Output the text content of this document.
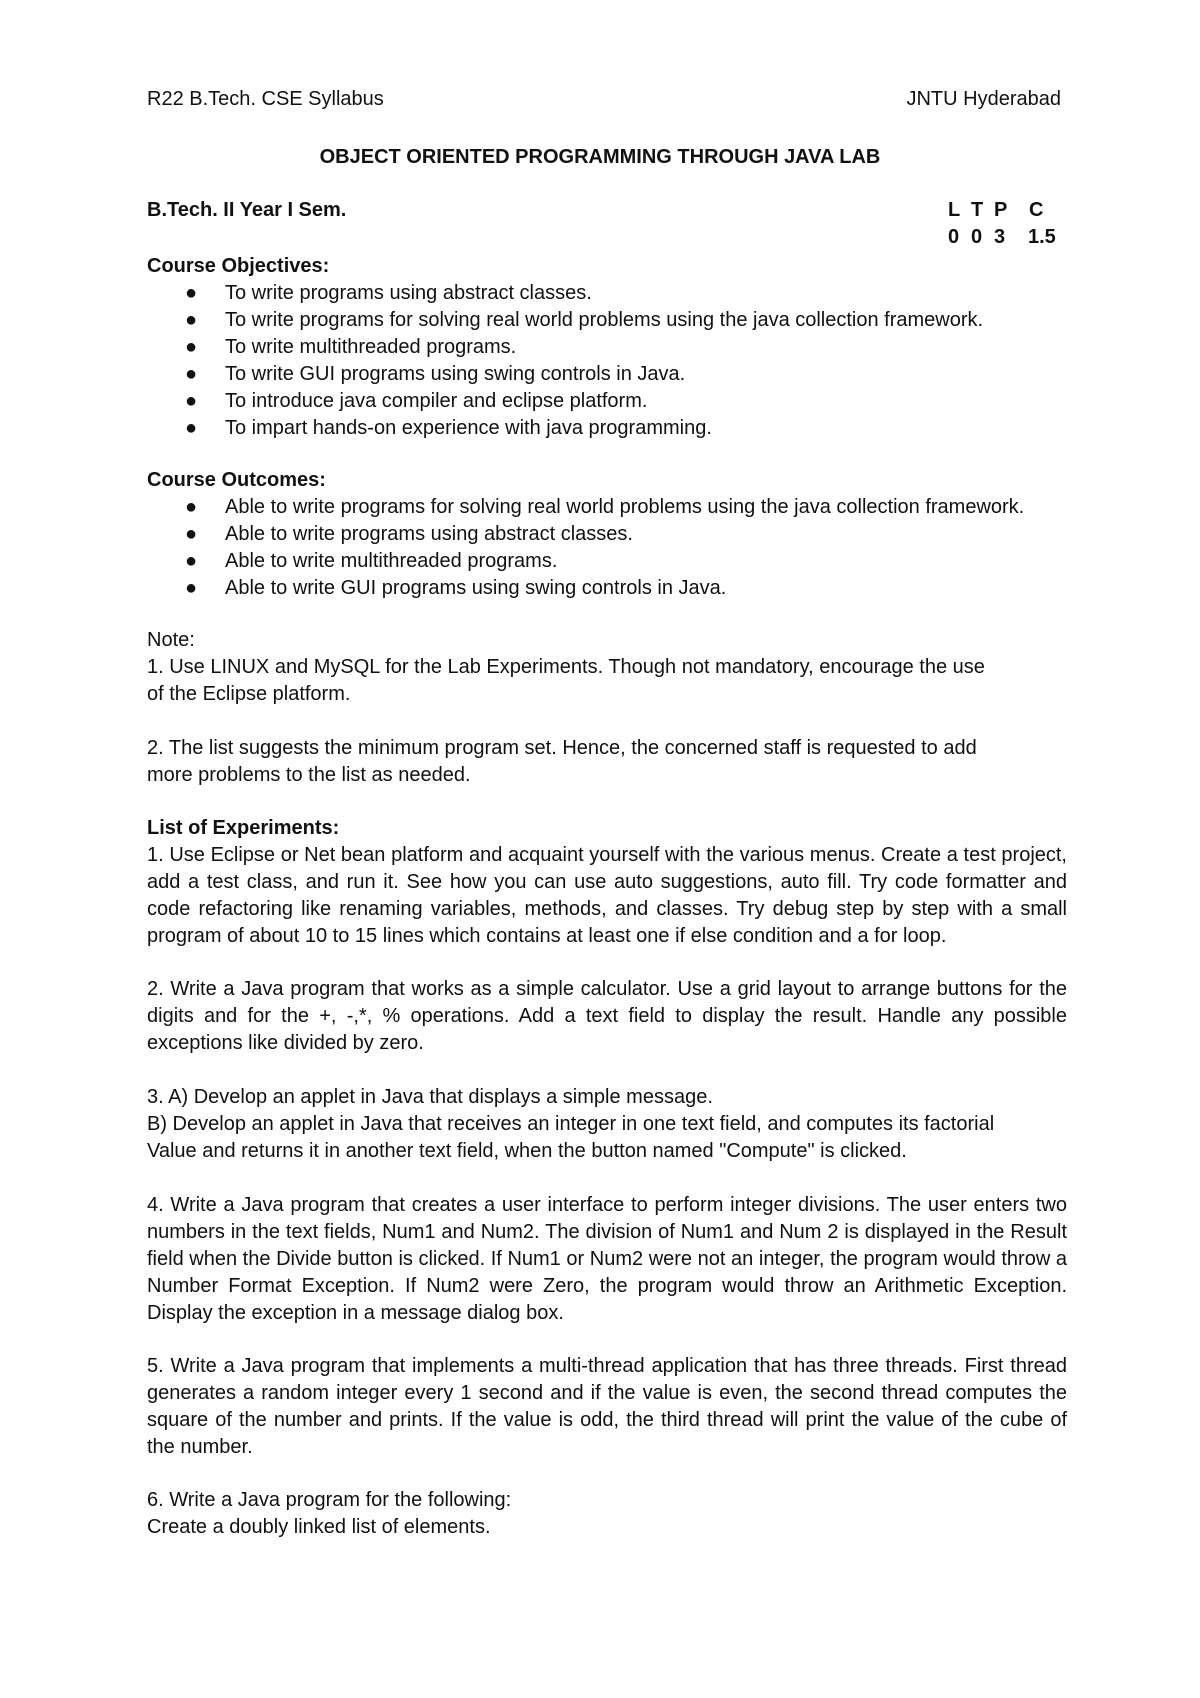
R22 B.Tech. CSE Syllabus	JNTU Hyderabad
OBJECT ORIENTED PROGRAMMING THROUGH JAVA LAB
B.Tech. II Year I Sem.	L T P C
0 0 3 1.5
Course Objectives:
● To write programs using abstract classes.
● To write programs for solving real world problems using the java collection framework.
● To write multithreaded programs.
● To write GUI programs using swing controls in Java.
● To introduce java compiler and eclipse platform.
● To impart hands-on experience with java programming.
Course Outcomes:
● Able to write programs for solving real world problems using the java collection framework.
● Able to write programs using abstract classes.
● Able to write multithreaded programs.
● Able to write GUI programs using swing controls in Java.
Note:
1. Use LINUX and MySQL for the Lab Experiments. Though not mandatory, encourage the use
of the Eclipse platform.
2. The list suggests the minimum program set. Hence, the concerned staff is requested to add
more problems to the list as needed.
List of Experiments:

1. Use Eclipse or Net bean platform and acquaint yourself with the various menus. Create a test project, add a test class, and run it. See how you can use auto suggestions, auto fill. Try code formatter and code refactoring like renaming variables, methods, and classes. Try debug step by step with a small program of about 10 to 15 lines which contains at least one if else condition and a for loop.

2. Write a Java program that works as a simple calculator. Use a grid layout to arrange buttons for the digits and for the +, -,*, % operations. Add a text field to display the result. Handle any possible exceptions like divided by zero.

3. A) Develop an applet in Java that displays a simple message.
B) Develop an applet in Java that receives an integer in one text field, and computes its factorial
Value and returns it in another text field, when the button named "Compute" is clicked.

4. Write a Java program that creates a user interface to perform integer divisions. The user enters two numbers in the text fields, Num1 and Num2. The division of Num1 and Num 2 is displayed in the Result field when the Divide button is clicked. If Num1 or Num2 were not an integer, the program would throw a Number Format Exception. If Num2 were Zero, the program would throw an Arithmetic Exception. Display the exception in a message dialog box.

5. Write a Java program that implements a multi-thread application that has three threads. First thread generates a random integer every 1 second and if the value is even, the second thread computes the square of the number and prints. If the value is odd, the third thread will print the value of the cube of the number.

6. Write a Java program for the following:
Create a doubly linked list of elements.
